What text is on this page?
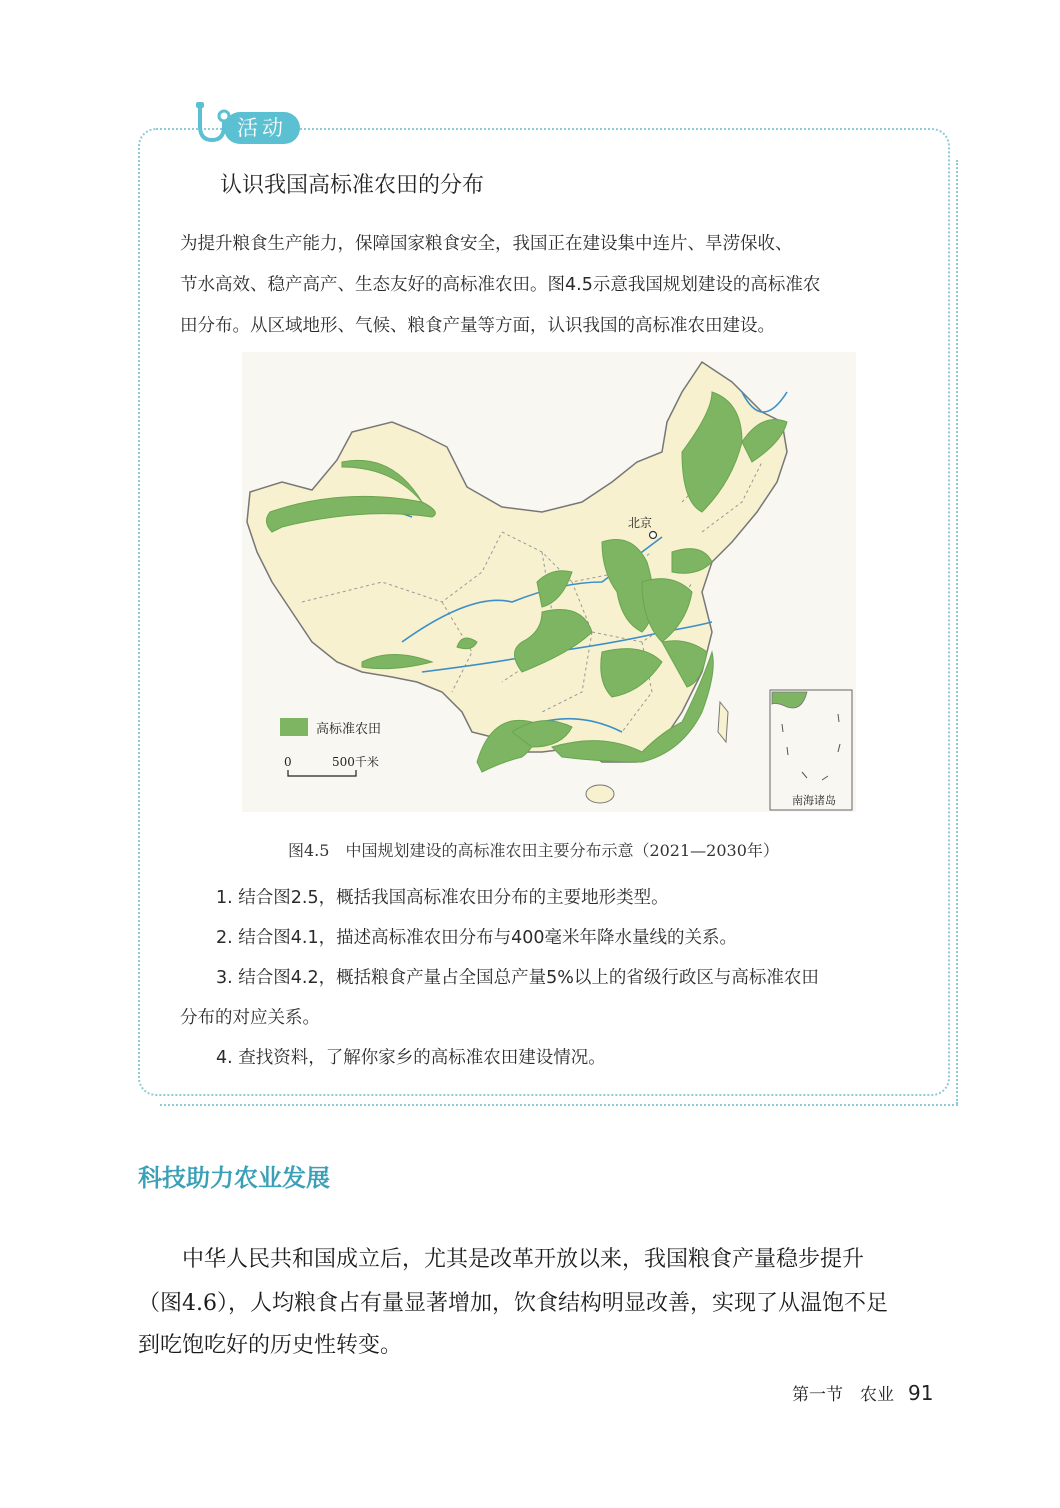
活动
认识我国高标准农田的分布
为提升粮食生产能力，保障国家粮食安全，我国正在建设集中连片、旱涝保收、
节水高效、稳产高产、生态友好的高标准农田。图4.5示意我国规划建设的高标准农
田分布。从区域地形、气候、粮食产量等方面，认识我国的高标准农田建设。
北京
高标准农田
0	500千米
南海诸岛
图4.5　中国规划建设的高标准农田主要分布示意（2021—2030年）
1. 结合图2.5，概括我国高标准农田分布的主要地形类型。
2. 结合图4.1，描述高标准农田分布与400毫米年降水量线的关系。
3. 结合图4.2，概括粮食产量占全国总产量5%以上的省级行政区与高标准农田
分布的对应关系。
4. 查找资料，了解你家乡的高标准农田建设情况。
科技助力农业发展
中华人民共和国成立后，尤其是改革开放以来，我国粮食产量稳步提升
（图4.6），人均粮食占有量显著增加，饮食结构明显改善，实现了从温饱不足
到吃饱吃好的历史性转变。
第一节　农业 91
